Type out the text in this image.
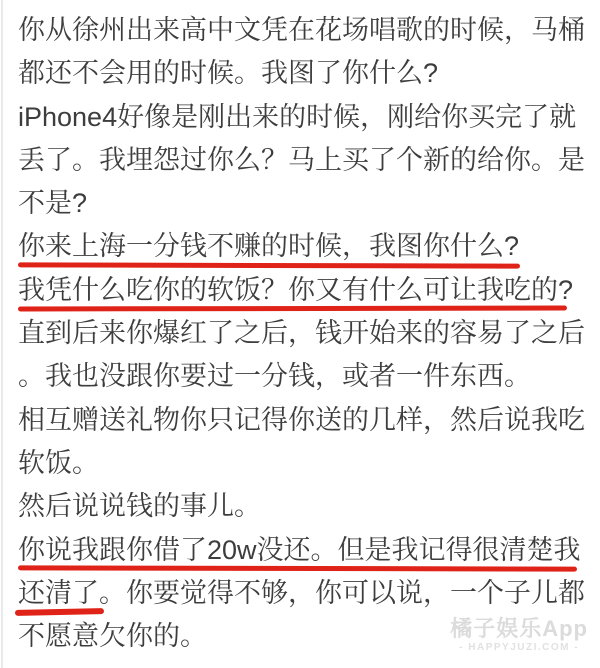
你从徐州出来高中文凭在花场唱歌的时候，马桶
都还不会用的时候。我图了你什么?
iPhone4好像是刚出来的时候，刚给你买完了就
丢了。我埋怨过你么？马上买了个新的给你。是
不是?
你来上海一分钱不赚的时候，我图你什么?
我凭什么吃你的软饭？你又有什么可让我吃的?
直到后来你爆红了之后，钱开始来的容易了之后
。我也没跟你要过一分钱，或者一件东西。
相互赠送礼物你只记得你送的几样，然后说我吃
软饭。
然后说说钱的事儿。
你说我跟你借了20w没还。但是我记得很清楚我
还清了。你要觉得不够，你可以说，一个子儿都
不愿意欠你的。	橘子娱乐App
- HAPPYJUZI.COM -
